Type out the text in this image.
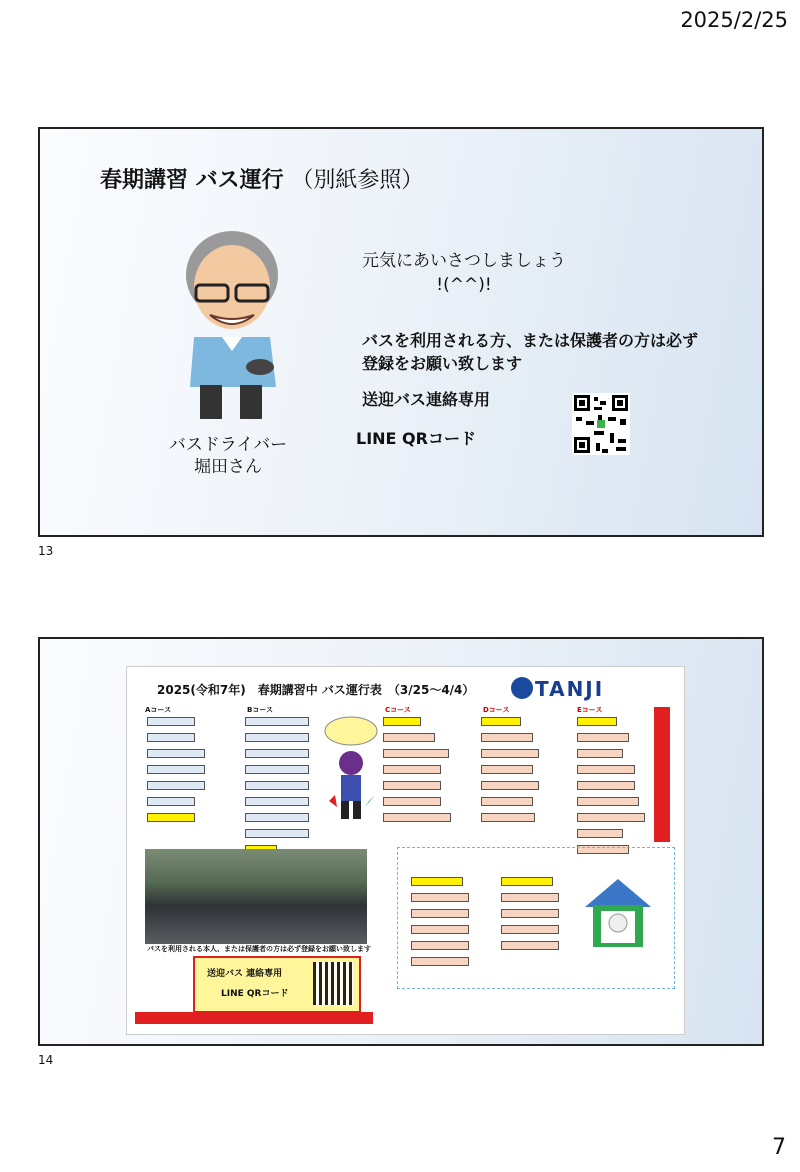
2025/2/25
春期講習 バス運行 （別紙参照）
バスドライバー
堀田さん
元気にあいさつしましょう
!(^^)!
バスを利用される方、または保護者の方は必ず
登録をお願い致します
送迎バス連絡専用
LINE QRコード
13
2025(令和7年)　春期講習中 バス運行表　（3/25～4/4）	TANJI
Aコース	Bコース	Cコース	Dコース	Eコース
バスを利用される本人、または保護者の方は必ず登録をお願い致します
送迎バス 連絡専用
LINE QRコード
14
7
